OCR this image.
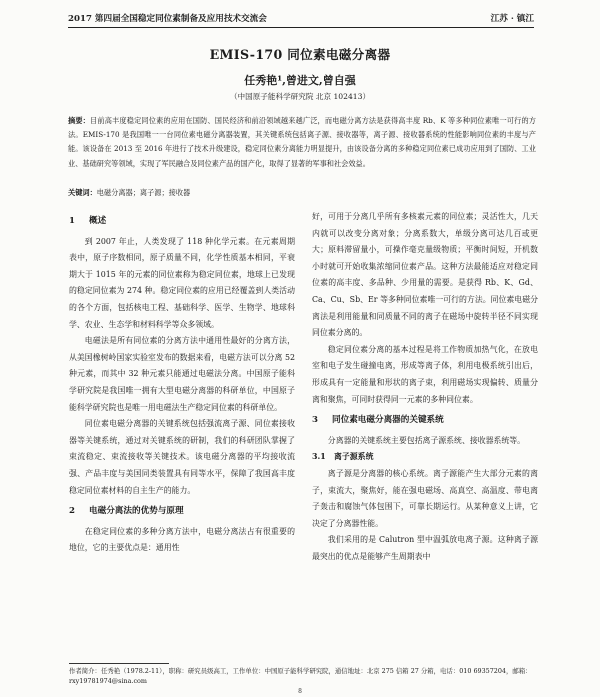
2017 第四届全国稳定同位素制备及应用技术交流会	江苏 · 镇江
EMIS-170 同位素电磁分离器
任秀艳¹,曾进文,曾自强
（中国原子能科学研究院 北京 102413）
摘要：目前高丰度稳定同位素的应用在国防、国民经济和前沿领域越来越广泛，而电磁分离方法是获得高丰度 Rb、K 等多种同位素唯一可行的方法。EMIS-170 是我国唯一一台同位素电磁分离器装置，其关键系统包括离子源、接收器等，离子源、接收器系统的性能影响同位素的丰度与产能。该设备在 2013 至 2016 年进行了技术升级建设，稳定同位素分离能力明显提升，由该设备分离的多种稳定同位素已成功应用到了国防、工业业、基础研究等领域，实现了军民融合及同位素产品的国产化，取得了显著的军事和社会效益。
关键词：电磁分离器；离子源；接收器
1 概述

到 2007 年止，人类发现了 118 种化学元素。在元素周期表中，原子序数相同，原子质量不同，化学性质基本相同，平衰期大于 1015 年的元素的同位素称为稳定同位素，地球上已发现的稳定同位素为 274 种。稳定同位素的应用已经覆盖到人类活动的各个方面，包括核电工程、基础科学、医学、生物学、地球科学、农业、生态学和材料科学等众多领域。

电磁法是所有同位素的分离方法中通用性最好的分离方法，从美国橡树岭国家实验室发布的数据来看，电磁方法可以分离 52 种元素，而其中 32 种元素只能通过电磁法分离。中国原子能科学研究院是我国唯一拥有大型电磁分离器的科研单位，中国原子能科学研究院也是唯一用电磁法生产稳定同位素的科研单位。

同位素电磁分离器的关键系统包括强流离子源、同位素接收器等关键系统，通过对关键系统的研制，我们的科研团队掌握了束流稳定、束流接收等关键技术。该电磁分离器的平均接收流强、产品丰度与美国同类装置具有同等水平，保障了我国高丰度稳定同位素材料的自主生产的能力。

2 电磁分离法的优势与原理

在稳定同位素的多种分离方法中，电磁分离法占有很重要的地位，它的主要优点是：通用性

好，可用于分离几乎所有多核素元素的同位素；灵活性大，几天内就可以改变分离对象；分离系数大，单级分离可达几百或更大；原料滞留量小，可操作毫克量级物质；平衡时间短，开机数小时就可开始收集浓缩同位素产品。这种方法最能适应对稳定同位素的高丰度、多品种、少用量的需要。是获得 Rb、K、Gd、Ca、Cu、Sb、Er 等多种同位素唯一可行的方法。同位素电磁分离法是利用能量和同质量不同的离子在磁场中旋转半径不同实现同位素分离的。

稳定同位素分离的基本过程是将工作物质加热气化，在放电室和电子发生碰撞电离，形成等离子体，利用电极系统引出后，形成具有一定能量和形状的离子束，利用磁场实现偏转、质量分离和聚焦，可同时获得同一元素的多种同位素。

3 同位素电磁分离器的关键系统

分离器的关键系统主要包括离子源系统、接收器系统等。

3.1 离子源系统

离子源是分离器的核心系统。离子源能产生大部分元素的离子，束流大，聚焦好，能在强电磁场、高真空、高温度、带电离子轰击和腐蚀气体包围下，可靠长期运行。从某种意义上讲，它决定了分离器性能。

我们采用的是 Calutron 型中温弧放电离子源。这种离子源最突出的优点是能够产生周期表中

作者简介：任秀艳（1978.2-11），职称：研究员级高工，工作单位：中国原子能科学研究院，通信地址：北京 275 信箱 27 分箱，电话：010 69357204，邮箱：rxy19781974@sina.com
8
